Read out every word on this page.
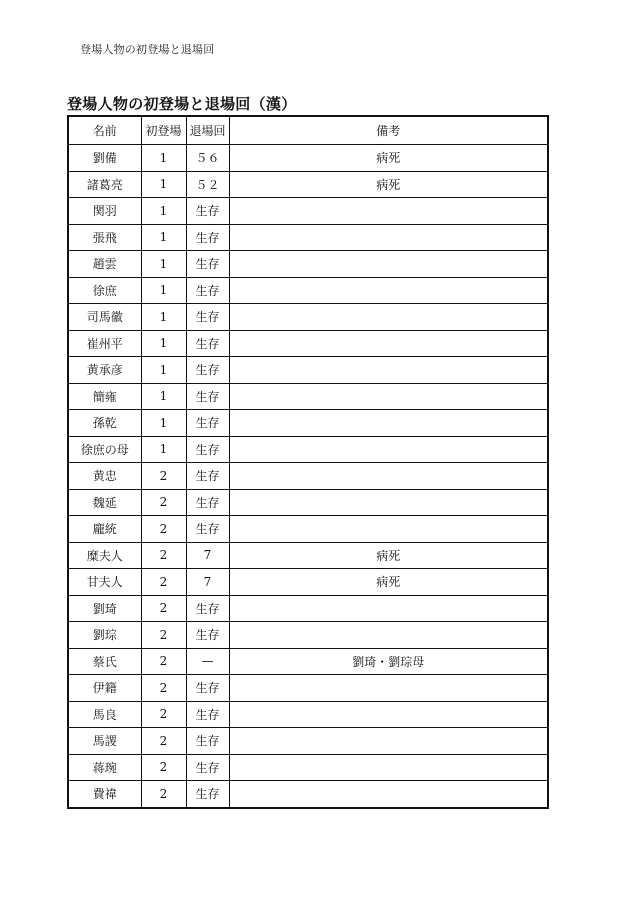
登場人物の初登場と退場回
登場人物の初登場と退場回（漢）
名前	初登場	退場回	備考
劉備	1	５６	病死
諸葛亮	1	５２	病死
関羽	1	生存	
張飛	1	生存	
趙雲	1	生存	
徐庶	1	生存	
司馬徽	1	生存	
崔州平	1	生存	
黄承彦	1	生存	
簡雍	1	生存	
孫乾	1	生存	
徐庶の母	1	生存	
黄忠	2	生存	
魏延	2	生存	
龐統	2	生存	
糜夫人	2	7	病死
甘夫人	2	7	病死
劉琦	2	生存	
劉琮	2	生存	
蔡氏	2	—	劉琦・劉琮母
伊籍	2	生存	
馬良	2	生存	
馬謖	2	生存	
蒋琬	2	生存	
費禕	2	生存	
